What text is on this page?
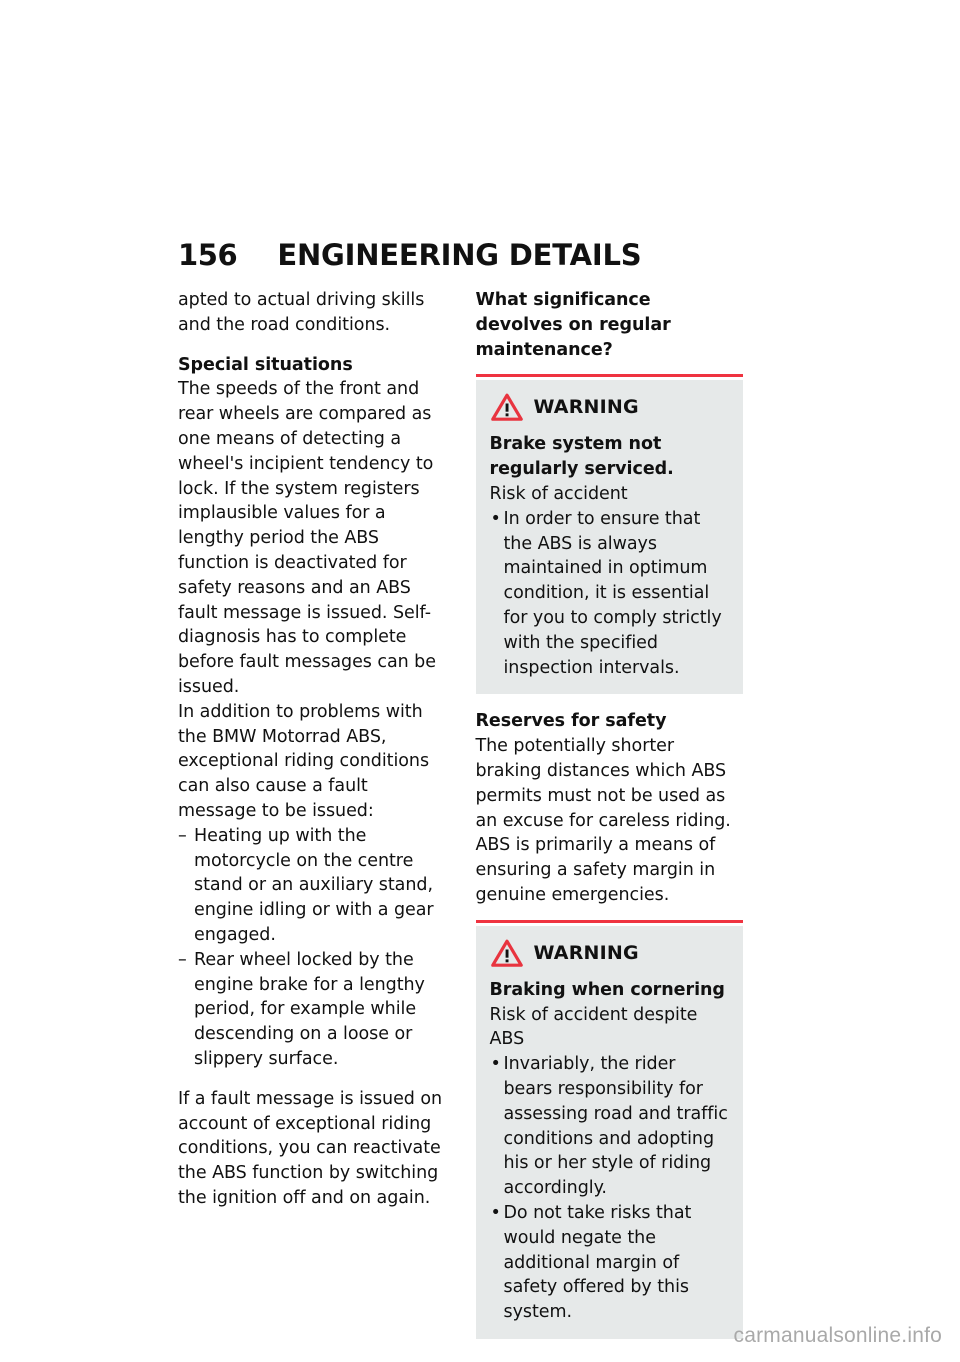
156 ENGINEERING DETAILS

apted to actual driving skills and the road conditions.

Special situations

The speeds of the front and rear wheels are compared as one means of detecting a wheel's incipient tendency to lock. If the system registers implausible values for a lengthy period the ABS function is deactivated for safety reasons and an ABS fault message is issued. Self-diagnosis has to complete before fault messages can be issued.

In addition to problems with the BMW Motorrad ABS, exceptional riding conditions can also cause a fault message to be issued:

– Heating up with the motorcycle on the centre stand or an auxiliary stand, engine idling or with a gear engaged.
– Rear wheel locked by the engine brake for a lengthy period, for example while descending on a loose or slippery surface.

If a fault message is issued on account of exceptional riding conditions, you can reactivate the ABS function by switching the ignition off and on again.

What significance devolves on regular maintenance?
WARNING

Brake system not regularly serviced.

Risk of accident

• In order to ensure that the ABS is always maintained in optimum condition, it is essential for you to comply strictly with the specified inspection intervals.
Reserves for safety

The potentially shorter braking distances which ABS permits must not be used as an excuse for careless riding. ABS is primarily a means of ensuring a safety margin in genuine emergencies.

WARNING

Braking when cornering

Risk of accident despite ABS

• Invariably, the rider bears responsibility for assessing road and traffic conditions and adopting his or her style of riding accordingly.
• Do not take risks that would negate the additional margin of safety offered by this system.
carmanualsonline.info
